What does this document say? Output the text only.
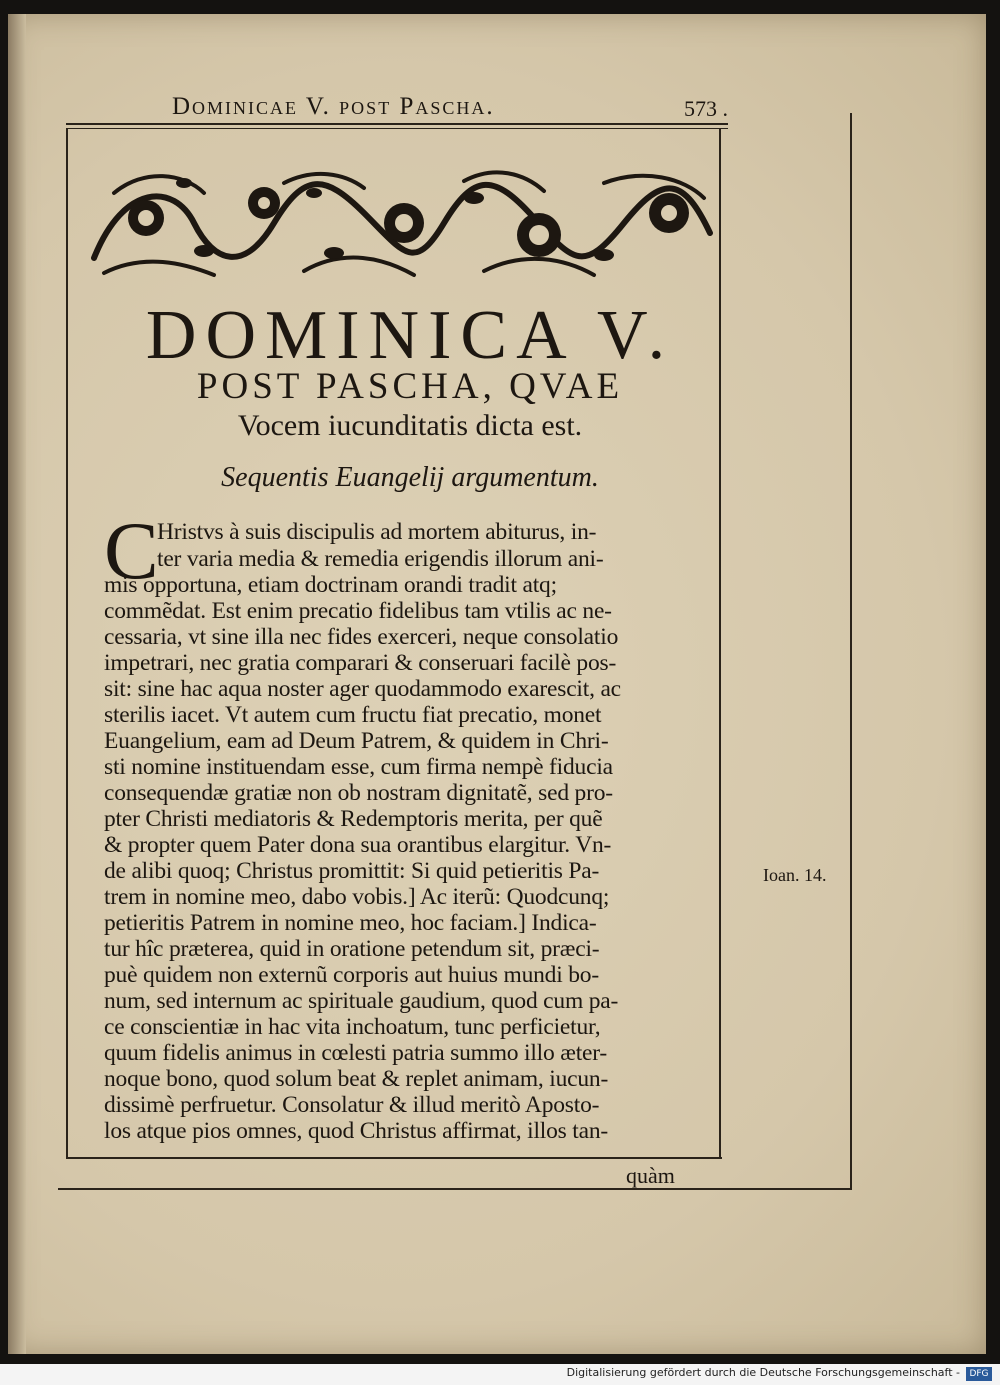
Dominicae V. post Pascha.	573 .
DOMINICA V.
POST PASCHA, QVAE
Vocem iucunditatis dicta est.
Sequentis Euangelij argumentum.
C
Hristvs à suis discipulis ad mortem abiturus, in-
ter varia media & remedia erigendis illorum ani-
mis opportuna, etiam doctrinam orandi tradit atq;
commẽdat. Est enim precatio fidelibus tam vtilis ac ne-
cessaria, vt sine illa nec fides exerceri, neque consolatio
impetrari, nec gratia comparari & conseruari facilè pos-
sit: sine hac aqua noster ager quodammodo exarescit, ac
sterilis iacet. Vt autem cum fructu fiat precatio, monet
Euangelium, eam ad Deum Patrem, & quidem in Chri-
sti nomine instituendam esse, cum firma nempè fiducia
consequendæ gratiæ non ob nostram dignitatẽ, sed pro-
pter Christi mediatoris & Redemptoris merita, per quẽ
& propter quem Pater dona sua orantibus elargitur. Vn-
de alibi quoq; Christus promittit: Si quid petieritis Pa-
trem in nomine meo, dabo vobis.] Ac iterũ: Quodcunq;
petieritis Patrem in nomine meo, hoc faciam.] Indica-
tur hîc præterea, quid in oratione petendum sit, præci-
puè quidem non externũ corporis aut huius mundi bo-
num, sed internum ac spirituale gaudium, quod cum pa-
ce conscientiæ in hac vita inchoatum, tunc perficietur,
quum fidelis animus in cœlesti patria summo illo æter-
noque bono, quod solum beat & replet animam, iucun-
dissimè perfruetur. Consolatur & illud meritò Aposto-
los atque pios omnes, quod Christus affirmat, illos tan-
Ioan. 14.
quàm
Digitalisierung gefördert durch die Deutsche Forschungsgemeinschaft -	DFG
